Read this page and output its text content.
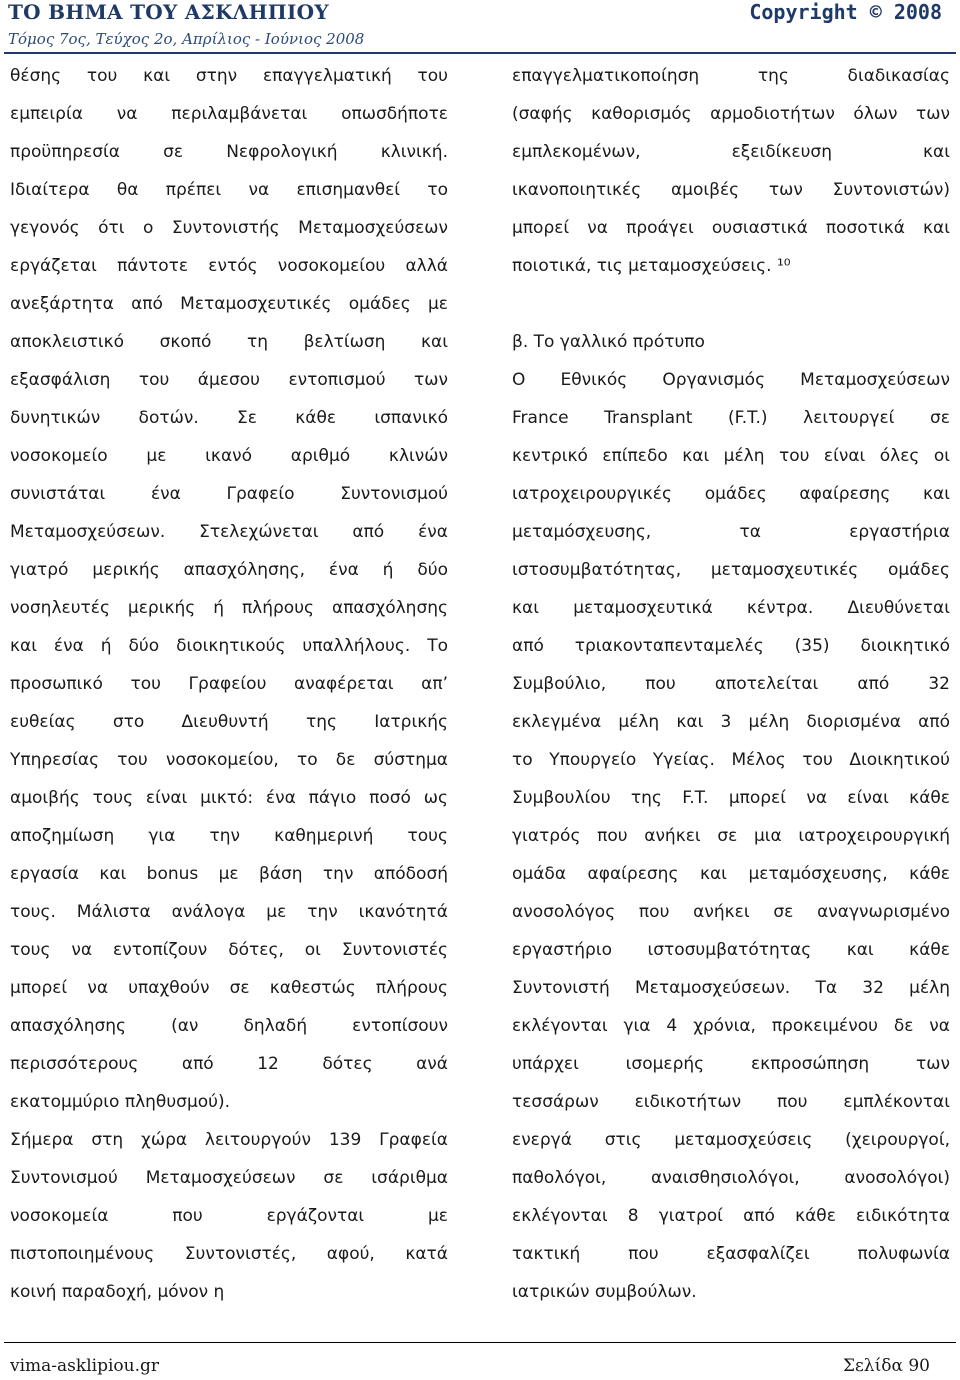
ΤΟ ΒΗΜΑ ΤΟΥ ΑΣΚΛΗΠΙΟΥ
Τόμος 7ος, Τεύχος 2ο, Απρίλιος - Ιούνιος 2008
Copyright © 2008
θέσης του και στην επαγγελματική του
εμπειρία να περιλαμβάνεται οπωσδήποτε
προϋπηρεσία σε Νεφρολογική κλινική.
Ιδιαίτερα θα πρέπει να επισημανθεί το
γεγονός ότι ο Συντονιστής Μεταμοσχεύσεων
εργάζεται πάντοτε εντός νοσοκομείου αλλά
ανεξάρτητα από Μεταμοσχευτικές ομάδες με
αποκλειστικό σκοπό τη βελτίωση και
εξασφάλιση του άμεσου εντοπισμού των
δυνητικών δοτών. Σε κάθε ισπανικό
νοσοκομείο με ικανό αριθμό κλινών
συνιστάται ένα Γραφείο Συντονισμού
Μεταμοσχεύσεων. Στελεχώνεται από ένα
γιατρό μερικής απασχόλησης, ένα ή δύο
νοσηλευτές μερικής ή πλήρους απασχόλησης
και ένα ή δύο διοικητικούς υπαλλήλους. Το
προσωπικό του Γραφείου αναφέρεται απ’
ευθείας στο Διευθυντή της Ιατρικής
Υπηρεσίας του νοσοκομείου, το δε σύστημα
αμοιβής τους είναι μικτό: ένα πάγιο ποσό ως
αποζημίωση για την καθημερινή τους
εργασία και bonus με βάση την απόδοσή
τους. Μάλιστα ανάλογα με την ικανότητά
τους να εντοπίζουν δότες, οι Συντονιστές
μπορεί να υπαχθούν σε καθεστώς πλήρους
απασχόλησης (αν δηλαδή εντοπίσουν
περισσότερους από 12 δότες ανά
εκατομμύριο πληθυσμού).
Σήμερα στη χώρα λειτουργούν 139 Γραφεία
Συντονισμού Μεταμοσχεύσεων σε ισάριθμα
νοσοκομεία που εργάζονται με
πιστοποιημένους Συντονιστές, αφού, κατά
κοινή παραδοχή, μόνον η
επαγγελματικοποίηση της διαδικασίας
(σαφής καθορισμός αρμοδιοτήτων όλων των
εμπλεκομένων, εξειδίκευση και
ικανοποιητικές αμοιβές των Συντονιστών)
μπορεί να προάγει ουσιαστικά ποσοτικά και
ποιοτικά, τις μεταμοσχεύσεις. ¹⁰
β. Το γαλλικό πρότυπο
Ο Εθνικός Οργανισμός Μεταμοσχεύσεων
France Transplant (F.T.) λειτουργεί σε
κεντρικό επίπεδο και μέλη του είναι όλες οι
ιατροχειρουργικές ομάδες αφαίρεσης και
μεταμόσχευσης, τα εργαστήρια
ιστοσυμβατότητας, μεταμοσχευτικές ομάδες
και μεταμοσχευτικά κέντρα. Διευθύνεται
από τριακονταπενταμελές (35) διοικητικό
Συμβούλιο, που αποτελείται από 32
εκλεγμένα μέλη και 3 μέλη διορισμένα από
το Υπουργείο Υγείας. Μέλος του Διοικητικού
Συμβουλίου της F.T. μπορεί να είναι κάθε
γιατρός που ανήκει σε μια ιατροχειρουργική
ομάδα αφαίρεσης και μεταμόσχευσης, κάθε
ανοσολόγος που ανήκει σε αναγνωρισμένο
εργαστήριο ιστοσυμβατότητας και κάθε
Συντονιστή Μεταμοσχεύσεων. Τα 32 μέλη
εκλέγονται για 4 χρόνια, προκειμένου δε να
υπάρχει ισομερής εκπροσώπηση των
τεσσάρων ειδικοτήτων που εμπλέκονται
ενεργά στις μεταμοσχεύσεις (χειρουργοί,
παθολόγοι, αναισθησιολόγοι, ανοσολόγοι)
εκλέγονται 8 γιατροί από κάθε ειδικότητα
τακτική που εξασφαλίζει πολυφωνία
ιατρικών συμβούλων.
vima-asklipiou.gr	Σελίδα 90
